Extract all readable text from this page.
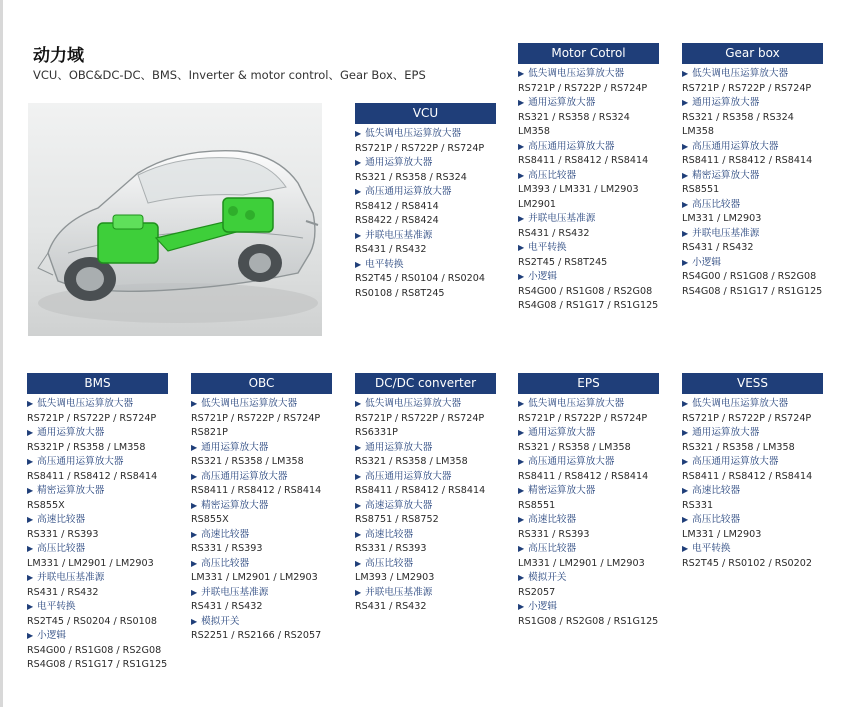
动力域
VCU、OBC&DC-DC、BMS、Inverter & motor control、Gear Box、EPS
VCU
▶ 低失调电压运算放大器
RS721P / RS722P / RS724P
▶ 通用运算放大器
RS321 / RS358 / RS324
▶ 高压通用运算放大器
RS8412 / RS8414
RS8422 / RS8424
▶ 并联电压基准源
RS431 / RS432
▶ 电平转换
RS2T45 / RS0104 / RS0204
RS0108 / RS8T245
Motor Cotrol
▶ 低失调电压运算放大器
RS721P / RS722P / RS724P
▶ 通用运算放大器
RS321 / RS358 / RS324
LM358
▶ 高压通用运算放大器
RS8411 / RS8412 / RS8414
▶ 高压比较器
LM393 / LM331 / LM2903
LM2901
▶ 并联电压基准源
RS431 / RS432
▶ 电平转换
RS2T45 / RS8T245
▶ 小逻辑
RS4G00 / RS1G08 / RS2G08
RS4G08 / RS1G17 / RS1G125
Gear box
▶ 低失调电压运算放大器
RS721P / RS722P / RS724P
▶ 通用运算放大器
RS321 / RS358 / RS324
LM358
▶ 高压通用运算放大器
RS8411 / RS8412 / RS8414
▶ 精密运算放大器
RS8551
▶ 高压比较器
LM331 / LM2903
▶ 并联电压基准源
RS431 / RS432
▶ 小逻辑
RS4G00 / RS1G08 / RS2G08
RS4G08 / RS1G17 / RS1G125
BMS
▶ 低失调电压运算放大器
RS721P / RS722P / RS724P
▶ 通用运算放大器
RS321P / RS358 / LM358
▶ 高压通用运算放大器
RS8411 / RS8412 / RS8414
▶ 精密运算放大器
RS855X
▶ 高速比较器
RS331 / RS393
▶ 高压比较器
LM331 / LM2901 / LM2903
▶ 并联电压基准源
RS431 / RS432
▶ 电平转换
RS2T45 / RS0204 / RS0108
▶ 小逻辑
RS4G00 / RS1G08 / RS2G08
RS4G08 / RS1G17 / RS1G125
OBC
▶ 低失调电压运算放大器
RS721P / RS722P / RS724P
RS821P
▶ 通用运算放大器
RS321 / RS358 / LM358
▶ 高压通用运算放大器
RS8411 / RS8412 / RS8414
▶ 精密运算放大器
RS855X
▶ 高速比较器
RS331 / RS393
▶ 高压比较器
LM331 / LM2901 / LM2903
▶ 并联电压基准源
RS431 / RS432
▶ 模拟开关
RS2251 / RS2166 / RS2057
DC/DC converter
▶ 低失调电压运算放大器
RS721P / RS722P / RS724P
RS6331P
▶ 通用运算放大器
RS321 / RS358 / LM358
▶ 高压通用运算放大器
RS8411 / RS8412 / RS8414
▶ 高速运算放大器
RS8751 / RS8752
▶ 高速比较器
RS331 / RS393
▶ 高压比较器
LM393 / LM2903
▶ 并联电压基准源
RS431 / RS432
EPS
▶ 低失调电压运算放大器
RS721P / RS722P / RS724P
▶ 通用运算放大器
RS321 / RS358 / LM358
▶ 高压通用运算放大器
RS8411 / RS8412 / RS8414
▶ 精密运算放大器
RS8551
▶ 高速比较器
RS331 / RS393
▶ 高压比较器
LM331 / LM2901 / LM2903
▶ 模拟开关
RS2057
▶ 小逻辑
RS1G08 / RS2G08 / RS1G125
VESS
▶ 低失调电压运算放大器
RS721P / RS722P / RS724P
▶ 通用运算放大器
RS321 / RS358 / LM358
▶ 高压通用运算放大器
RS8411 / RS8412 / RS8414
▶ 高速比较器
RS331
▶ 高压比较器
LM331 / LM2903
▶ 电平转换
RS2T45 / RS0102 / RS0202
